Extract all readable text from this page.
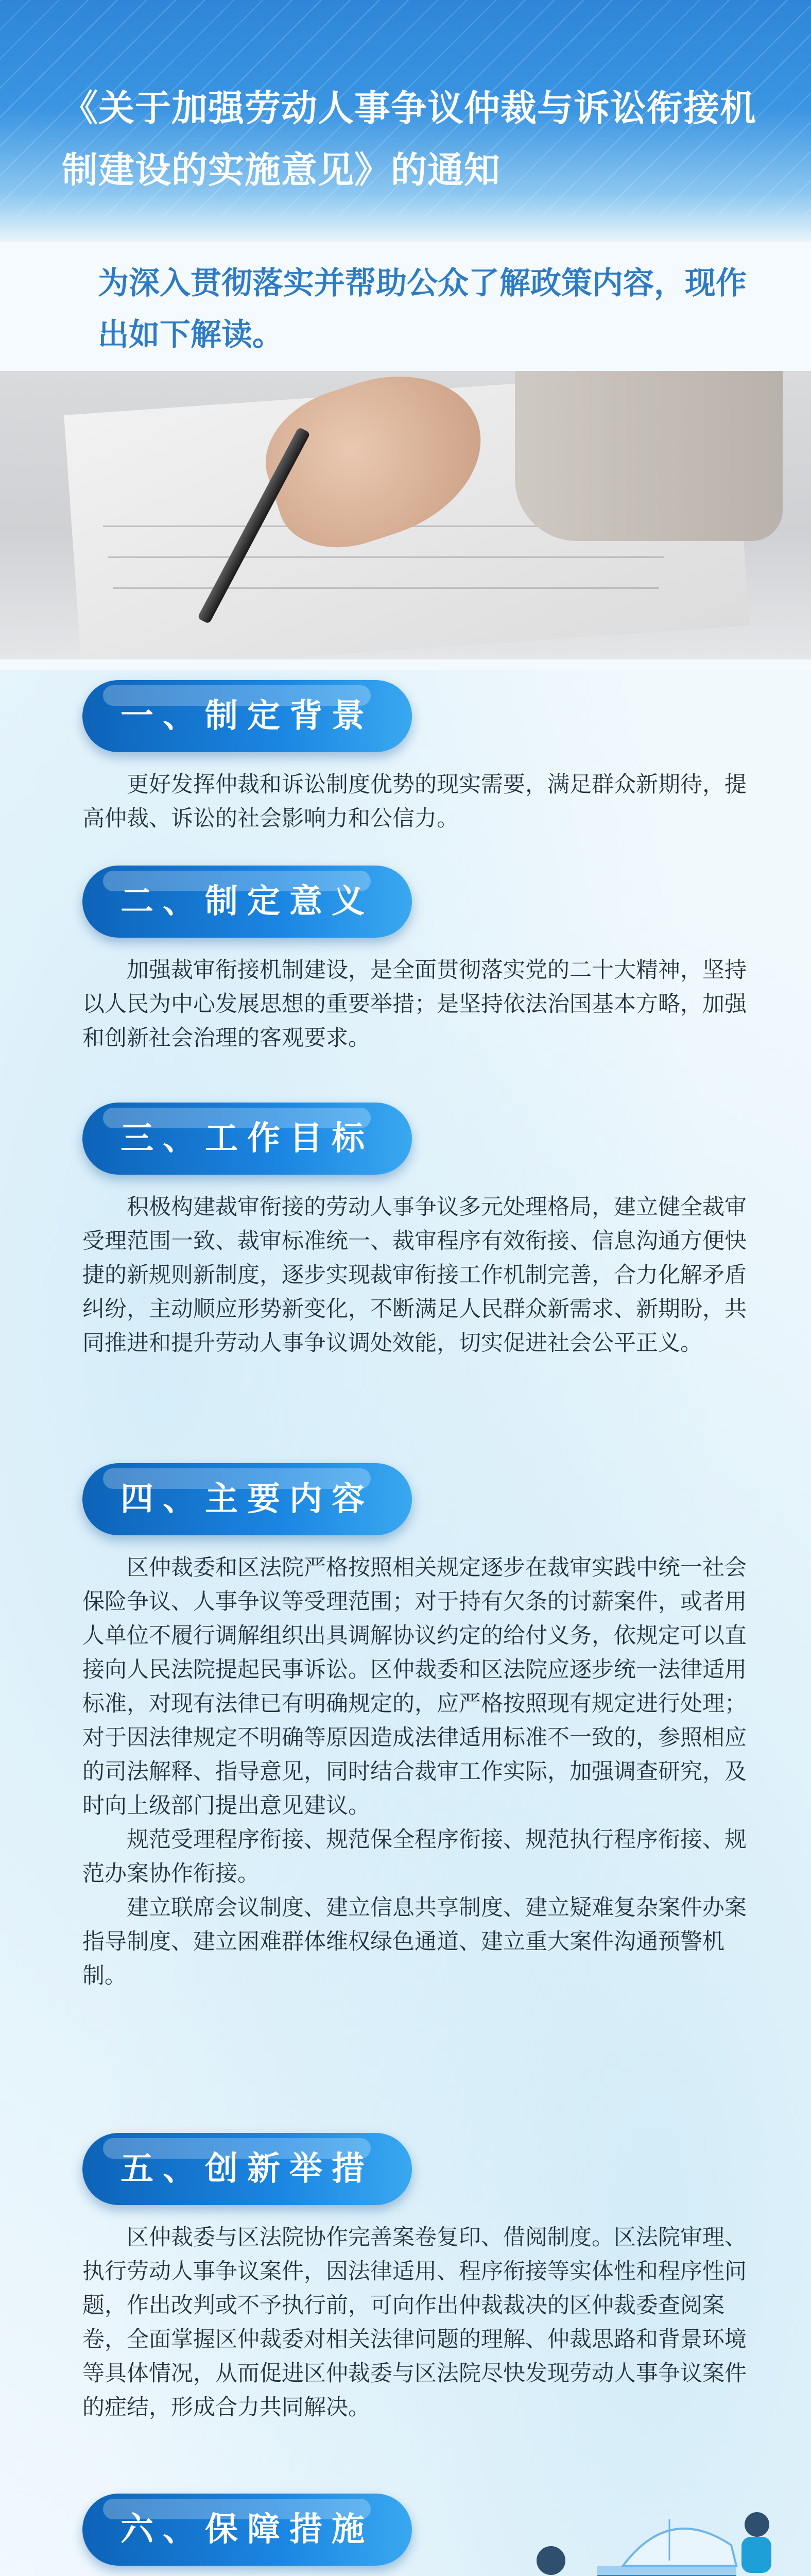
《关于加强劳动人事争议仲裁与诉讼衔接机制建设的实施意见》的通知
为深入贯彻落实并帮助公众了解政策内容，现作出如下解读。
一、制定背景

更好发挥仲裁和诉讼制度优势的现实需要，满足群众新期待，提高仲裁、诉讼的社会影响力和公信力。

二、制定意义

加强裁审衔接机制建设，是全面贯彻落实党的二十大精神，坚持以人民为中心发展思想的重要举措；是坚持依法治国基本方略，加强和创新社会治理的客观要求。

三、工作目标

积极构建裁审衔接的劳动人事争议多元处理格局，建立健全裁审受理范围一致、裁审标准统一、裁审程序有效衔接、信息沟通方便快捷的新规则新制度，逐步实现裁审衔接工作机制完善，合力化解矛盾纠纷，主动顺应形势新变化，不断满足人民群众新需求、新期盼，共同推进和提升劳动人事争议调处效能，切实促进社会公平正义。

四、主要内容

区仲裁委和区法院严格按照相关规定逐步在裁审实践中统一社会保险争议、人事争议等受理范围；对于持有欠条的讨薪案件，或者用人单位不履行调解组织出具调解协议约定的给付义务，依规定可以直接向人民法院提起民事诉讼。区仲裁委和区法院应逐步统一法律适用标准，对现有法律已有明确规定的，应严格按照现有规定进行处理；对于因法律规定不明确等原因造成法律适用标准不一致的，参照相应的司法解释、指导意见，同时结合裁审工作实际，加强调查研究，及时向上级部门提出意见建议。

规范受理程序衔接、规范保全程序衔接、规范执行程序衔接、规范办案协作衔接。

建立联席会议制度、建立信息共享制度、建立疑难复杂案件办案指导制度、建立困难群体维权绿色通道、建立重大案件沟通预警机制。

五、创新举措

区仲裁委与区法院协作完善案卷复印、借阅制度。区法院审理、执行劳动人事争议案件，因法律适用、程序衔接等实体性和程序性问题，作出改判或不予执行前，可向作出仲裁裁决的区仲裁委查阅案卷，全面掌握区仲裁委对相关法律问题的理解、仲裁思路和背景环境等具体情况，从而促进区仲裁委与区法院尽快发现劳动人事争议案件的症结，形成合力共同解决。

六、保障措施
